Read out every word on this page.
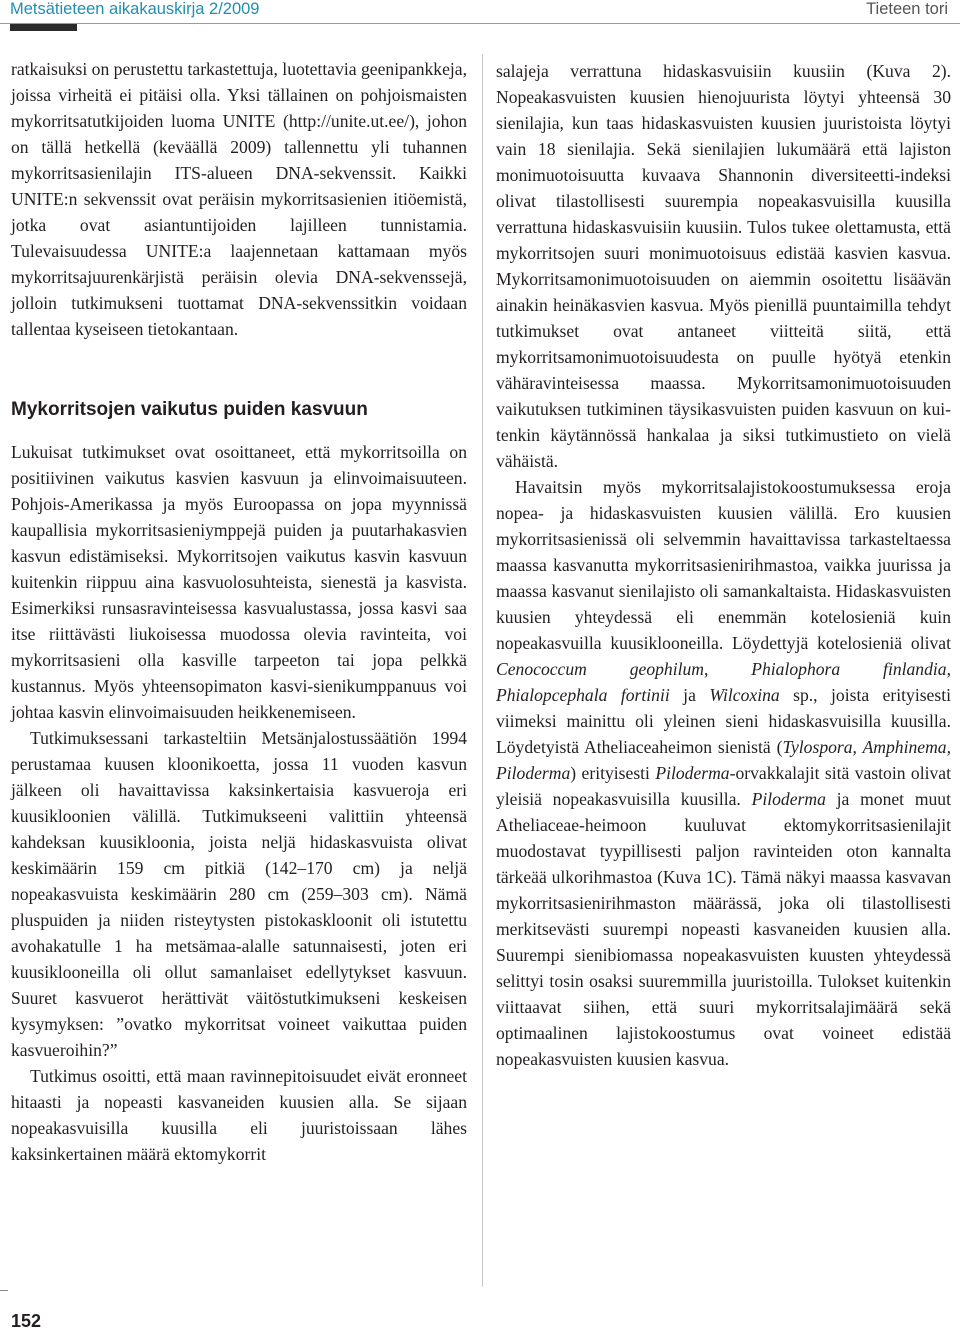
Metsätieteen aikakauskirja 2/2009	Tieteen tori

ratkaisuksi on perustettu tarkastettuja, luotettavia geenipankkeja, joissa virheitä ei pitäisi olla. Yksi tällainen on pohjoismaisten mykorritsatutkijoiden luoma UNITE (http://unite.ut.ee/), johon on tällä hetkellä (keväällä 2009) tallennettu yli tuhannen mykorritsasienilajin ITS-alueen DNA-sekvenssit. Kaikki UNITE:n sekvenssit ovat peräisin mykorritsasienien itiöemistä, jotka ovat asiantuntijoiden lajilleen tunnistamia. Tulevaisuudessa UNITE:a laajennetaan kattamaan myös mykorritsajuurenkärjistä peräisin olevia DNA-sekvenssejä, jolloin tutkimukseni tuottamat DNA-sekvenssitkin voidaan tallentaa kyseiseen tietokantaan.

Mykorritsojen vaikutus puiden kasvuun

Lukuisat tutkimukset ovat osoittaneet, että mykorritsoilla on positiivinen vaikutus kasvien kasvuun ja elinvoimaisuuteen. Pohjois-Amerikassa ja myös Euroopassa on jopa myynnissä kaupallisia mykorritsasieniymppejä puiden ja puutarhakasvien kasvun edistämiseksi. Mykorritsojen vaikutus kasvin kasvuun kuitenkin riippuu aina kasvuolosuhteista, sienestä ja kasvista. Esimerkiksi runsasravinteisessa kasvualustassa, jossa kasvi saa itse riittävästi liukoisessa muodossa olevia ravinteita, voi mykorritsasieni olla kasville tarpeeton tai jopa pelkkä kustannus. Myös yhteensopimaton kasvi-sienikumppanuus voi johtaa kasvin elinvoimaisuuden heikkenemiseen.

Tutkimuksessani tarkasteltiin Metsänjalostussäätiön 1994 perustamaa kuusen kloonikoetta, jossa 11 vuoden kasvun jälkeen oli havaittavissa kaksinkertaisia kasvueroja eri kuusikloonien välillä. Tutkimukseeni valittiin yhteensä kahdeksan kuusikloonia, joista neljä hidaskasvuista olivat keskimäärin 159 cm pitkiä (142–170 cm) ja neljä nopeakasvuista keskimäärin 280 cm (259–303 cm). Nämä pluspuiden ja niiden risteytysten pistokaskloonit oli istutettu avohakatulle 1 ha metsämaa-alalle satunnaisesti, joten eri kuusiklooneilla oli ollut samanlaiset edellytykset kasvuun. Suuret kasvuerot herättivät väitöstutkimukseni keskeisen kysymyksen: ”ovatko mykorritsat voineet vaikuttaa puiden kasvueroihin?”

Tutkimus osoitti, että maan ravinnepitoisuudet eivät eronneet hitaasti ja nopeasti kasvaneiden kuusien alla. Se sijaan nopeakasvuisilla kuusilla eli juuristoissaan lähes kaksinkertainen määrä ektomykorrit

salajeja verrattuna hidaskasvuisiin kuusiin (Kuva 2). Nopeakasvuisten kuusien hienojuurista löytyi yhteensä 30 sienilajia, kun taas hidaskasvuisten kuusien juuristoista löytyi vain 18 sienilajia. Sekä sienilajien lukumäärä että lajiston monimuotoisuutta kuvaava Shannonin diversiteetti-indeksi olivat tilastollisesti suurempia nopeakasvuisilla kuusilla verrattuna hidaskasvuisiin kuusiin. Tulos tukee olettamusta, että mykorritsojen suuri monimuotoisuus edistää kasvien kasvua. Mykorritsamonimuotoisuuden on aiemmin osoitettu lisäävän ainakin heinäkasvien kasvua. Myös pienillä puuntaimilla tehdyt tutkimukset ovat antaneet viitteitä siitä, että mykorritsamonimuotoisuudesta on puulle hyötyä etenkin vähäravinteisessa maassa. Mykorritsamonimuotoisuuden vaikutuksen tutkiminen täysikasvuisten puiden kasvuun on kuitenkin käytännössä hankalaa ja siksi tutkimustieto on vielä vähäistä.

Havaitsin myös mykorritsalajistokoostumuksessa eroja nopea- ja hidaskasvuisten kuusien välillä. Ero kuusien mykorritsasienissä oli selvemmin havaittavissa tarkasteltaessa maassa kasvanutta mykorritsasienirihmastoa, vaikka juurissa ja maassa kasvanut sienilajisto oli samankaltaista. Hidaskasvuisten kuusien yhteydessä eli enemmän kotelosieniä kuin nopeakasvuilla kuusiklooneilla. Löydettyjä kotelosieniä olivat Cenococcum geophilum, Phialophora finlandia, Phialopcephala fortinii ja Wilcoxina sp., joista erityisesti viimeksi mainittu oli yleinen sieni hidaskasvuisilla kuusilla. Löydetyistä Atheliaceaheimon sienistä (Tylospora, Amphinema, Piloderma) erityisesti Piloderma-orvakkalajit sitä vastoin olivat yleisiä nopeakasvuisilla kuusilla. Piloderma ja monet muut Atheliaceae-heimoon kuuluvat ektomykorritsasienilajit muodostavat tyypillisesti paljon ravinteiden oton kannalta tärkeää ulkorihmastoa (Kuva 1C). Tämä näkyi maassa kasvavan mykorritsasienirihmaston määrässä, joka oli tilastollisesti merkitsevästi suurempi nopeasti kasvaneiden kuusien alla. Suurempi sienibiomassa nopeakasvuisten kuusten yhteydessä selittyi tosin osaksi suuremmilla juuristoilla. Tulokset kuitenkin viittaavat siihen, että suuri mykorritsalajimäärä sekä optimaalinen lajistokoostumus ovat voineet edistää nopeakasvuisten kuusien kasvua.

152
